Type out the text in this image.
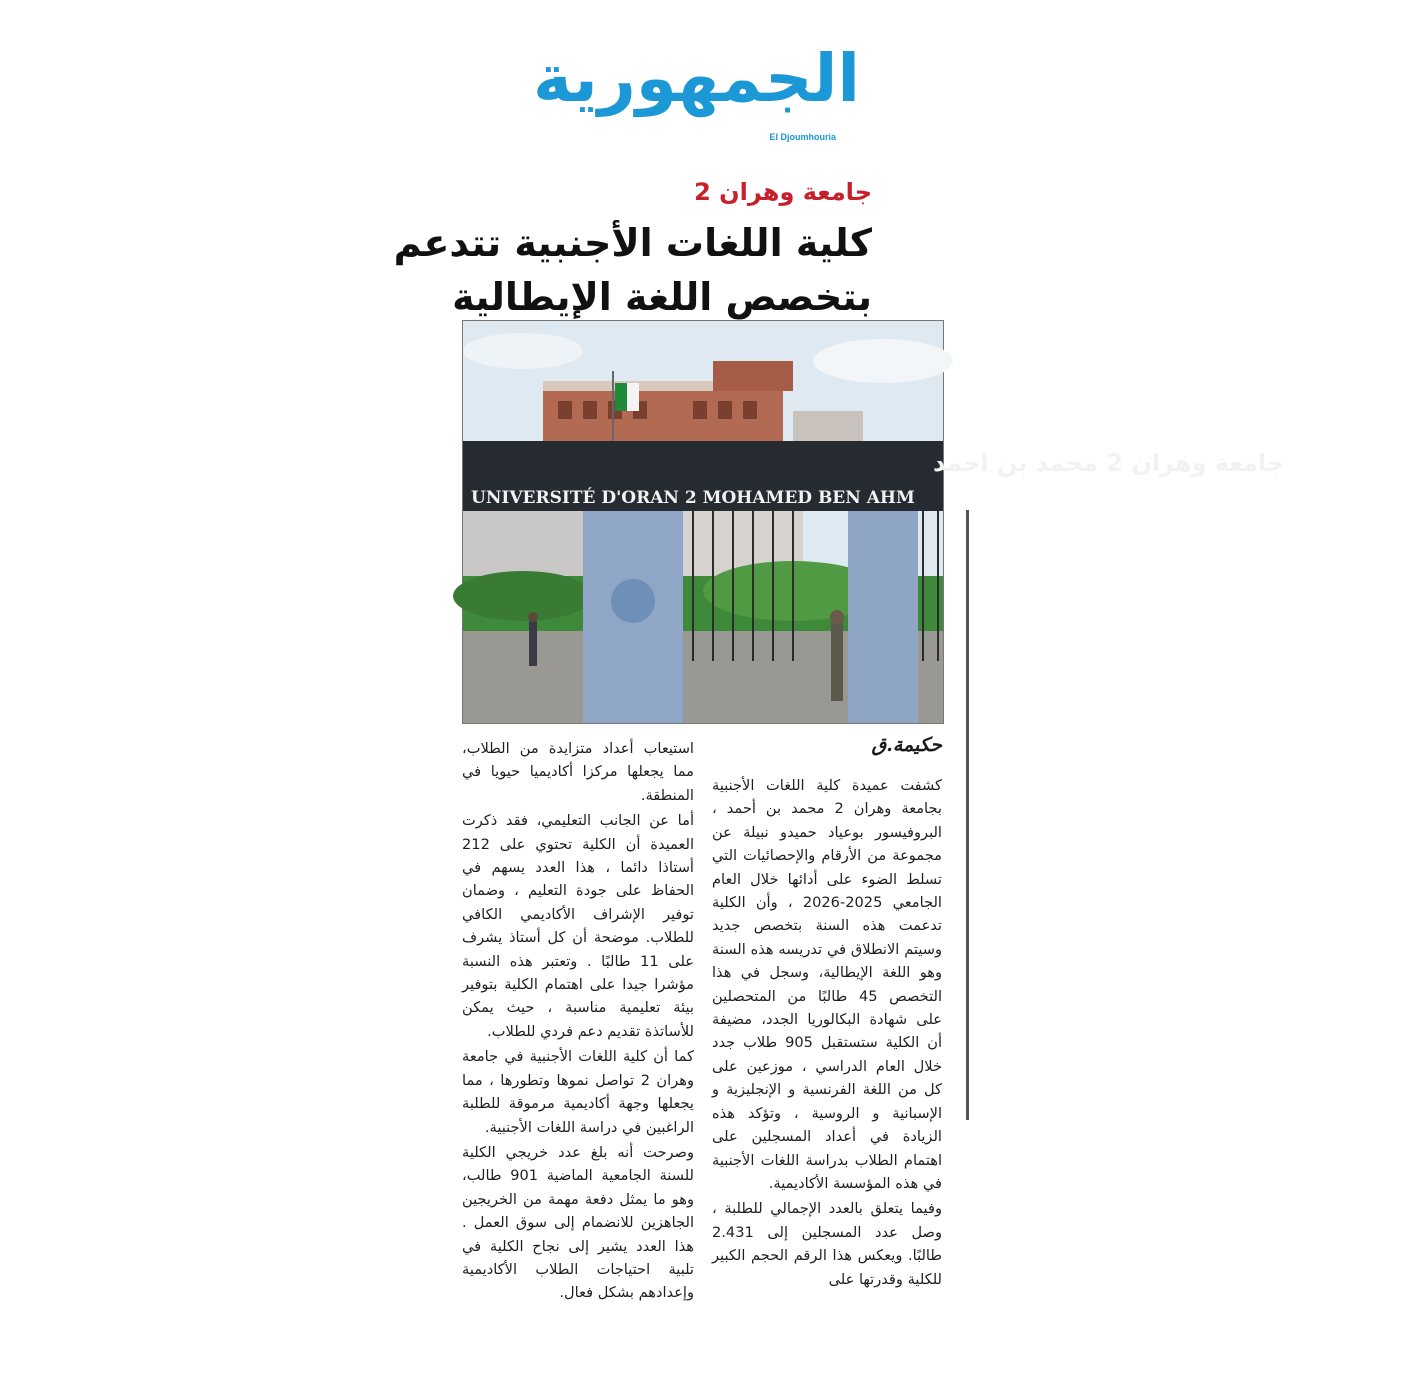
الجمهورية
El Djoumhouria
جامعة وهران 2
كلية اللغات الأجنبية تتدعم
بتخصص اللغة الإيطالية
جامعة وهران 2 محمد بن احمد
UNIVERSITÉ D'ORAN 2 MOHAMED BEN AHM
حكيمة.ق

كشفت عميدة كلية اللغات الأجنبية بجامعة وهران 2 محمد بن أحمد ، البروفيسور بوعياد حميدو نبيلة عن مجموعة من الأرقام والإحصائيات التي تسلط الضوء على أدائها خلال العام الجامعي 2025-2026 ، وأن الكلية تدعمت هذه السنة بتخصص جديد وسيتم الانطلاق في تدريسه هذه السنة وهو اللغة الإيطالية، وسجل في هذا التخصص 45 طالبًا من المتحصلين على شهادة البكالوريا الجدد، مضيفة أن الكلية ستستقبل 905 طلاب جدد خلال العام الدراسي ، موزعين على كل من اللغة الفرنسية و الإنجليزية و الإسبانية و الروسية ، وتؤكد هذه الزيادة في أعداد المسجلين على اهتمام الطلاب بدراسة اللغات الأجنبية في هذه المؤسسة الأكاديمية.

وفيما يتعلق بالعدد الإجمالي للطلبة ، وصل عدد المسجلين إلى 2.431 طالبًا. ويعكس هذا الرقم الحجم الكبير للكلية وقدرتها على

استيعاب أعداد متزايدة من الطلاب، مما يجعلها مركزا أكاديميا حيويا في المنطقة.

أما عن الجانب التعليمي، فقد ذكرت العميدة أن الكلية تحتوي على 212 أستاذا دائما ، هذا العدد يسهم في الحفاظ على جودة التعليم ، وضمان توفير الإشراف الأكاديمي الكافي للطلاب. موضحة أن كل أستاذ يشرف على 11 طالبًا . وتعتبر هذه النسبة مؤشرا جيدا على اهتمام الكلية بتوفير بيئة تعليمية مناسبة ، حيث يمكن للأساتذة تقديم دعم فردي للطلاب.

كما أن كلية اللغات الأجنبية في جامعة وهران 2 تواصل نموها وتطورها ، مما يجعلها وجهة أكاديمية مرموقة للطلبة الراغبين في دراسة اللغات الأجنبية.

وصرحت أنه بلغ عدد خريجي الكلية للسنة الجامعية الماضية 901 طالب، وهو ما يمثل دفعة مهمة من الخريجين الجاهزين للانضمام إلى سوق العمل . هذا العدد يشير إلى نجاح الكلية في تلبية احتياجات الطلاب الأكاديمية وإعدادهم بشكل فعال.
